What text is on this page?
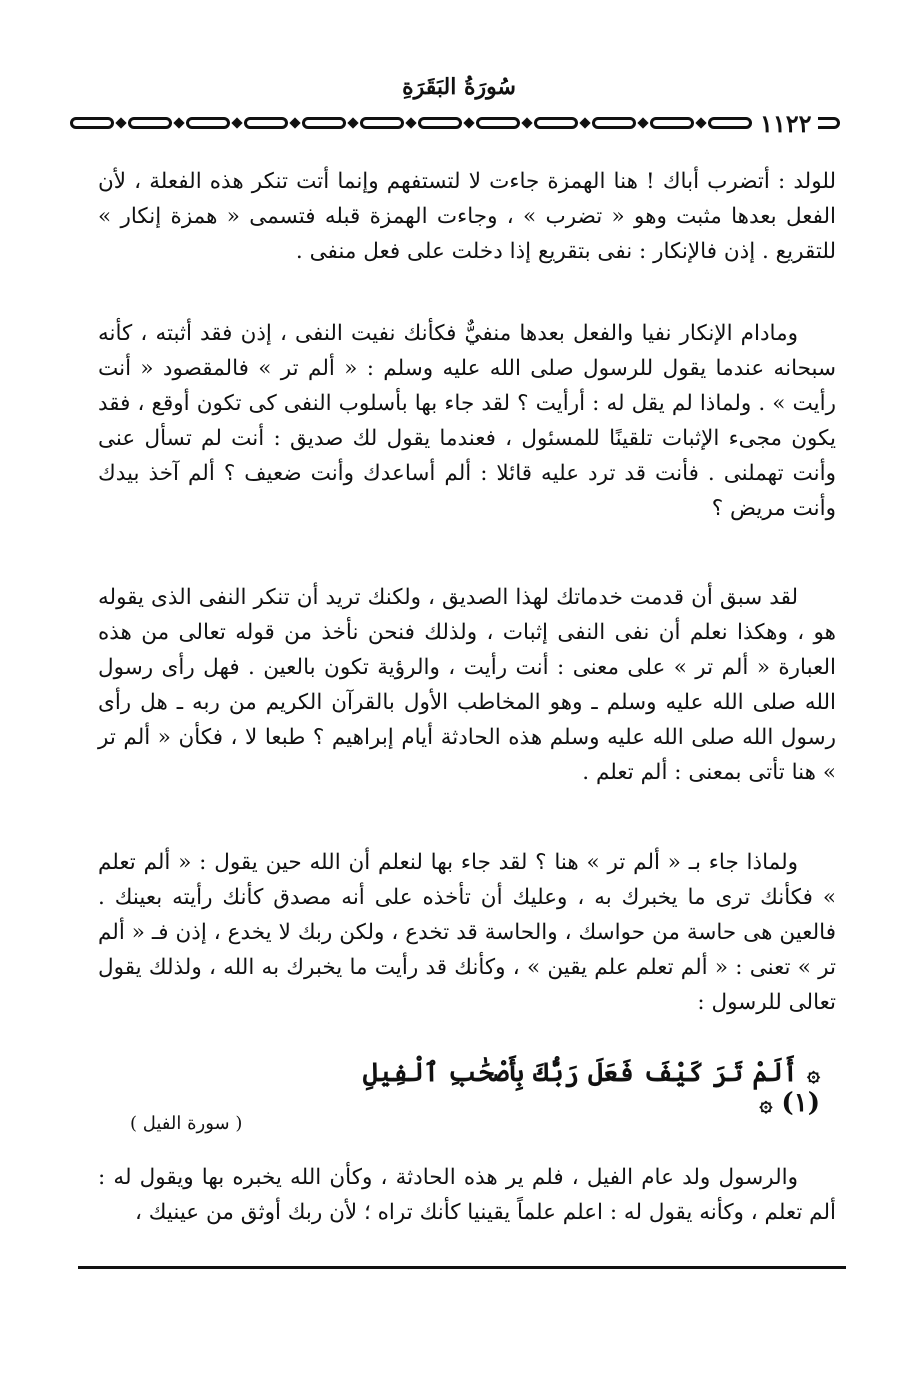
سُورَةُ البَقَرَةِ
١١٢٢

للولد : أتضرب أباك ! هنا الهمزة جاءت لا لتستفهم وإنما أتت تنكر هذه الفعلة ، لأن الفعل بعدها مثبت وهو « تضرب » ، وجاءت الهمزة قبله فتسمى « همزة إنكار » للتقريع . إذن فالإنكار : نفى بتقريع إذا دخلت على فعل منفى .

ومادام الإنكار نفيا والفعل بعدها منفيٌّ فكأنك نفيت النفى ، إذن فقد أثبته ، كأنه سبحانه عندما يقول للرسول صلى الله عليه وسلم : « ألم تر » فالمقصود « أنت رأيت » . ولماذا لم يقل له : أرأيت ؟ لقد جاء بها بأسلوب النفى كى تكون أوقع ، فقد يكون مجىء الإثبات تلقينًا للمسئول ، فعندما يقول لك صديق : أنت لم تسأل عنى وأنت تهملنى . فأنت قد ترد عليه قائلا : ألم أساعدك وأنت ضعيف ؟ ألم آخذ بيدك وأنت مريض ؟

لقد سبق أن قدمت خدماتك لهذا الصديق ، ولكنك تريد أن تنكر النفى الذى يقوله هو ، وهكذا نعلم أن نفى النفى إثبات ، ولذلك فنحن نأخذ من قوله تعالى من هذه العبارة « ألم تر » على معنى : أنت رأيت ، والرؤية تكون بالعين . فهل رأى رسول الله صلى الله عليه وسلم ـ وهو المخاطب الأول بالقرآن الكريم من ربه ـ هل رأى رسول الله صلى الله عليه وسلم هذه الحادثة أيام إبراهيم ؟ طبعا لا ، فكأن « ألم تر » هنا تأتى بمعنى : ألم تعلم .

ولماذا جاء بـ « ألم تر » هنا ؟ لقد جاء بها لنعلم أن الله حين يقول : « ألم تعلم » فكأنك ترى ما يخبرك به ، وعليك أن تأخذه على أنه مصدق كأنك رأيته بعينك . فالعين هى حاسة من حواسك ، والحاسة قد تخدع ، ولكن ربك لا يخدع ، إذن فـ « ألم تر » تعنى : « ألم تعلم علم يقين » ، وكأنك قد رأيت ما يخبرك به الله ، ولذلك يقول تعالى للرسول :

۞ أَلَمْ تَرَ كَيْفَ فَعَلَ رَبُّكَ بِأَصْحَٰبِ ٱلْفِيلِ (١) ۞
( سورة الفيل )

والرسول ولد عام الفيل ، فلم ير هذه الحادثة ، وكأن الله يخبره بها ويقول له : ألم تعلم ، وكأنه يقول له : اعلم علماً يقينيا كأنك تراه ؛ لأن ربك أوثق من عينيك ،
